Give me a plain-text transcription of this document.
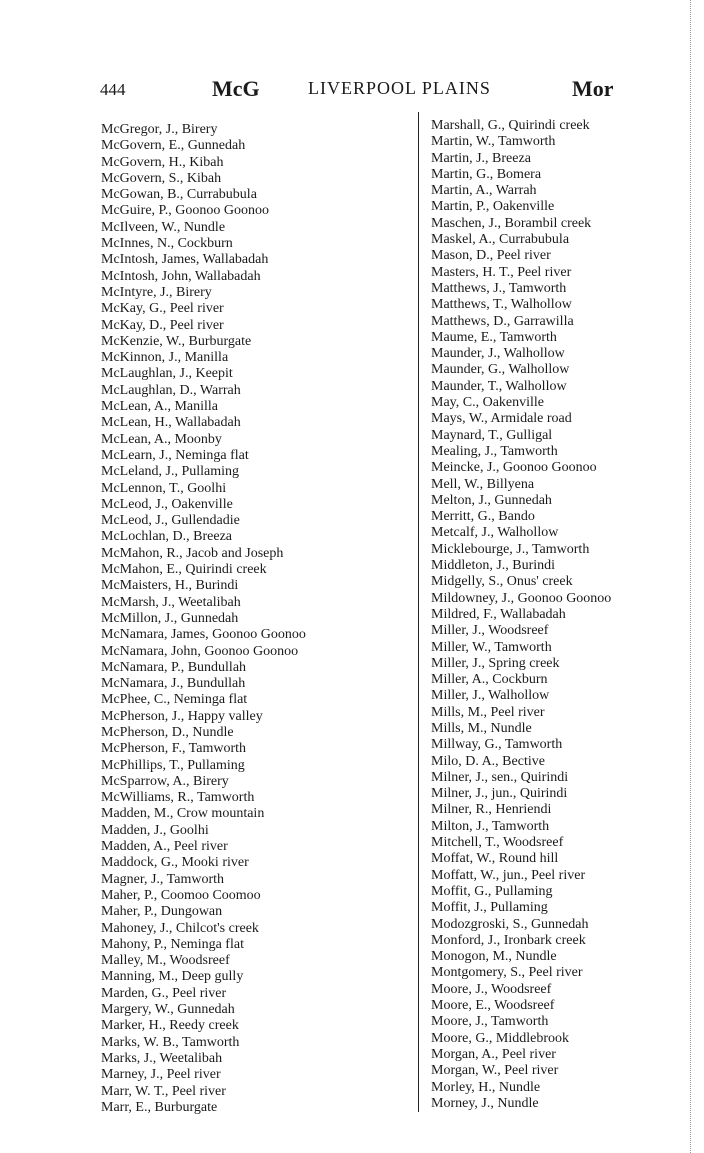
444	McG	LIVERPOOL PLAINS	Mor
McGregor, J., Birery
McGovern, E., Gunnedah
McGovern, H., Kibah
McGovern, S., Kibah
McGowan, B., Currabubula
McGuire, P., Goonoo Goonoo
McIlveen, W., Nundle
McInnes, N., Cockburn
McIntosh, James, Wallabadah
McIntosh, John, Wallabadah
McIntyre, J., Birery
McKay, G., Peel river
McKay, D., Peel river
McKenzie, W., Burburgate
McKinnon, J., Manilla
McLaughlan, J., Keepit
McLaughlan, D., Warrah
McLean, A., Manilla
McLean, H., Wallabadah
McLean, A., Moonby
McLearn, J., Neminga flat
McLeland, J., Pullaming
McLennon, T., Goolhi
McLeod, J., Oakenville
McLeod, J., Gullendadie
McLochlan, D., Breeza
McMahon, R., Jacob and Joseph
McMahon, E., Quirindi creek
McMaisters, H., Burindi
McMarsh, J., Weetalibah
McMillon, J., Gunnedah
McNamara, James, Goonoo Goonoo
McNamara, John, Goonoo Goonoo
McNamara, P., Bundullah
McNamara, J., Bundullah
McPhee, C., Neminga flat
McPherson, J., Happy valley
McPherson, D., Nundle
McPherson, F., Tamworth
McPhillips, T., Pullaming
McSparrow, A., Birery
McWilliams, R., Tamworth
Madden, M., Crow mountain
Madden, J., Goolhi
Madden, A., Peel river
Maddock, G., Mooki river
Magner, J., Tamworth
Maher, P., Coomoo Coomoo
Maher, P., Dungowan
Mahoney, J., Chilcot's creek
Mahony, P., Neminga flat
Malley, M., Woodsreef
Manning, M., Deep gully
Marden, G., Peel river
Margery, W., Gunnedah
Marker, H., Reedy creek
Marks, W. B., Tamworth
Marks, J., Weetalibah
Marney, J., Peel river
Marr, W. T., Peel river
Marr, E., Burburgate
Marshall, G., Quirindi creek
Martin, W., Tamworth
Martin, J., Breeza
Martin, G., Bomera
Martin, A., Warrah
Martin, P., Oakenville
Maschen, J., Borambil creek
Maskel, A., Currabubula
Mason, D., Peel river
Masters, H. T., Peel river
Matthews, J., Tamworth
Matthews, T., Walhollow
Matthews, D., Garrawilla
Maume, E., Tamworth
Maunder, J., Walhollow
Maunder, G., Walhollow
Maunder, T., Walhollow
May, C., Oakenville
Mays, W., Armidale road
Maynard, T., Gulligal
Mealing, J., Tamworth
Meincke, J., Goonoo Goonoo
Mell, W., Billyena
Melton, J., Gunnedah
Merritt, G., Bando
Metcalf, J., Walhollow
Micklebourge, J., Tamworth
Middleton, J., Burindi
Midgelly, S., Onus' creek
Mildowney, J., Goonoo Goonoo
Mildred, F., Wallabadah
Miller, J., Woodsreef
Miller, W., Tamworth
Miller, J., Spring creek
Miller, A., Cockburn
Miller, J., Walhollow
Mills, M., Peel river
Mills, M., Nundle
Millway, G., Tamworth
Milo, D. A., Bective
Milner, J., sen., Quirindi
Milner, J., jun., Quirindi
Milner, R., Henriendi
Milton, J., Tamworth
Mitchell, T., Woodsreef
Moffat, W., Round hill
Moffatt, W., jun., Peel river
Moffit, G., Pullaming
Moffit, J., Pullaming
Modozgroski, S., Gunnedah
Monford, J., Ironbark creek
Monogon, M., Nundle
Montgomery, S., Peel river
Moore, J., Woodsreef
Moore, E., Woodsreef
Moore, J., Tamworth
Moore, G., Middlebrook
Morgan, A., Peel river
Morgan, W., Peel river
Morley, H., Nundle
Morney, J., Nundle
